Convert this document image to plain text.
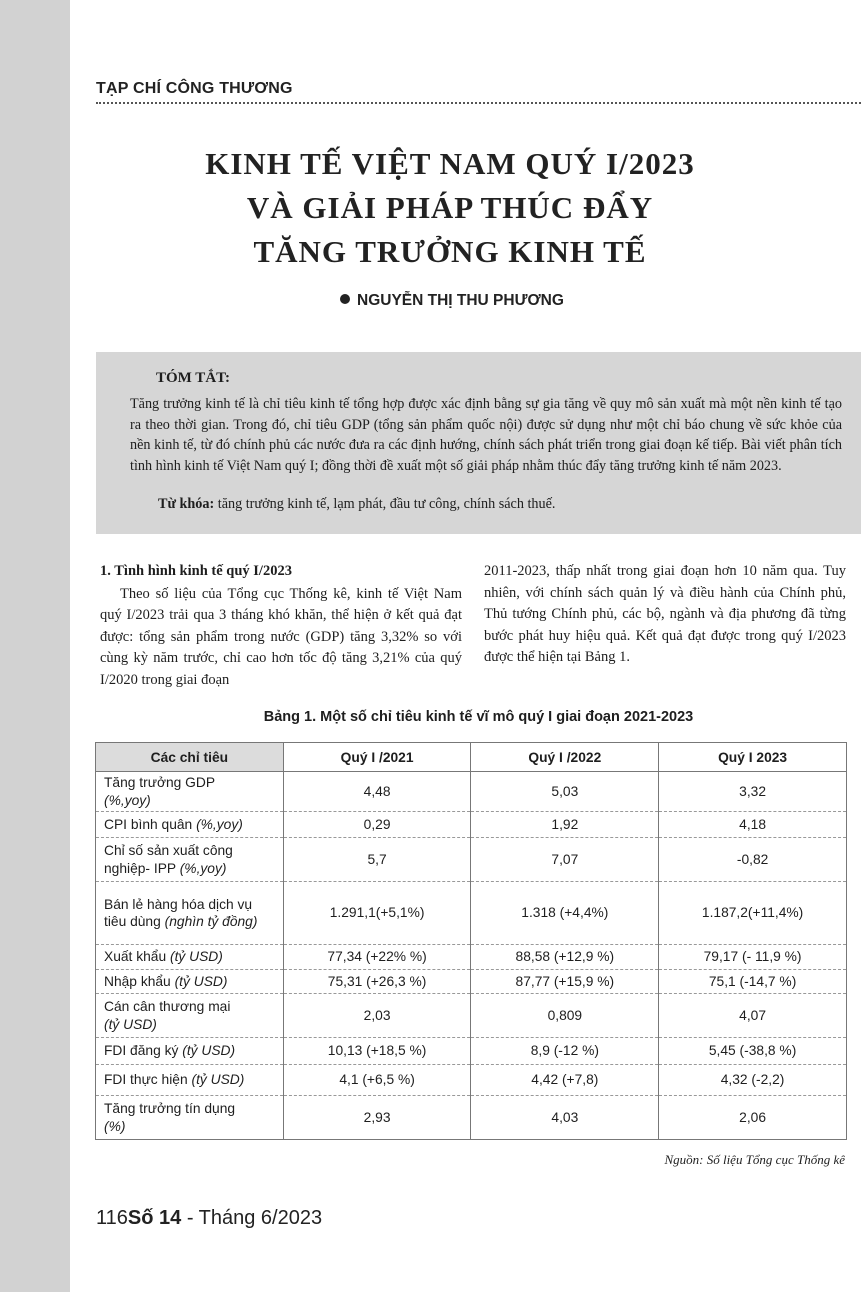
TẠP CHÍ CÔNG THƯƠNG
KINH TẾ VIỆT NAM QUÝ I/2023
VÀ GIẢI PHÁP THÚC ĐẨY
TĂNG TRƯỞNG KINH TẾ
NGUYỄN THỊ THU PHƯƠNG
TÓM TẮT:
Tăng trưởng kinh tế là chỉ tiêu kinh tế tổng hợp được xác định bằng sự gia tăng về quy mô sản xuất mà một nền kinh tế tạo ra theo thời gian. Trong đó, chỉ tiêu GDP (tổng sản phẩm quốc nội) được sử dụng như một chỉ báo chung về sức khỏe của nền kinh tế, từ đó chính phủ các nước đưa ra các định hướng, chính sách phát triển trong giai đoạn kế tiếp. Bài viết phân tích tình hình kinh tế Việt Nam quý I; đồng thời đề xuất một số giải pháp nhằm thúc đẩy tăng trưởng kinh tế năm 2023.
Từ khóa: tăng trưởng kinh tế, lạm phát, đầu tư công, chính sách thuế.
1. Tình hình kinh tế quý I/2023
Theo số liệu của Tổng cục Thống kê, kinh tế Việt Nam quý I/2023 trải qua 3 tháng khó khăn, thể hiện ở kết quả đạt được: tổng sản phẩm trong nước (GDP) tăng 3,32% so với cùng kỳ năm trước, chỉ cao hơn tốc độ tăng 3,21% của quý I/2020 trong giai đoạn
2011-2023, thấp nhất trong giai đoạn hơn 10 năm qua. Tuy nhiên, với chính sách quản lý và điều hành của Chính phủ, Thủ tướng Chính phủ, các bộ, ngành và địa phương đã từng bước phát huy hiệu quả. Kết quả đạt được trong quý I/2023 được thể hiện tại Bảng 1.
Bảng 1. Một số chỉ tiêu kinh tế vĩ mô quý I giai đoạn 2021-2023
Các chỉ tiêu	Quý I /2021	Quý I /2022	Quý I 2023
Tăng trưởng GDP
(%,yoy)	4,48	5,03	3,32
CPI bình quân (%,yoy)	0,29	1,92	4,18
Chỉ số sản xuất công nghiệp- IPP (%,yoy)	5,7	7,07	-0,82
Bán lẻ hàng hóa dịch vụ tiêu dùng (nghìn tỷ đồng)	1.291,1(+5,1%)	1.318 (+4,4%)	1.187,2(+11,4%)
Xuất khẩu (tỷ USD)	77,34 (+22% %)	88,58 (+12,9 %)	79,17 (- 11,9 %)
Nhập khẩu (tỷ USD)	75,31 (+26,3 %)	87,77 (+15,9 %)	75,1 (-14,7 %)
Cán cân thương mại
(tỷ USD)	2,03	0,809	4,07
FDI đăng ký (tỷ USD)	10,13 (+18,5 %)	8,9 (-12 %)	5,45 (-38,8 %)
FDI thực hiện (tỷ USD)	4,1 (+6,5 %)	4,42 (+7,8)	4,32 (-2,2)
Tăng trưởng tín dụng
(%)	2,93	4,03	2,06
Nguồn: Số liệu Tổng cục Thống kê
116Số 14 - Tháng 6/2023
